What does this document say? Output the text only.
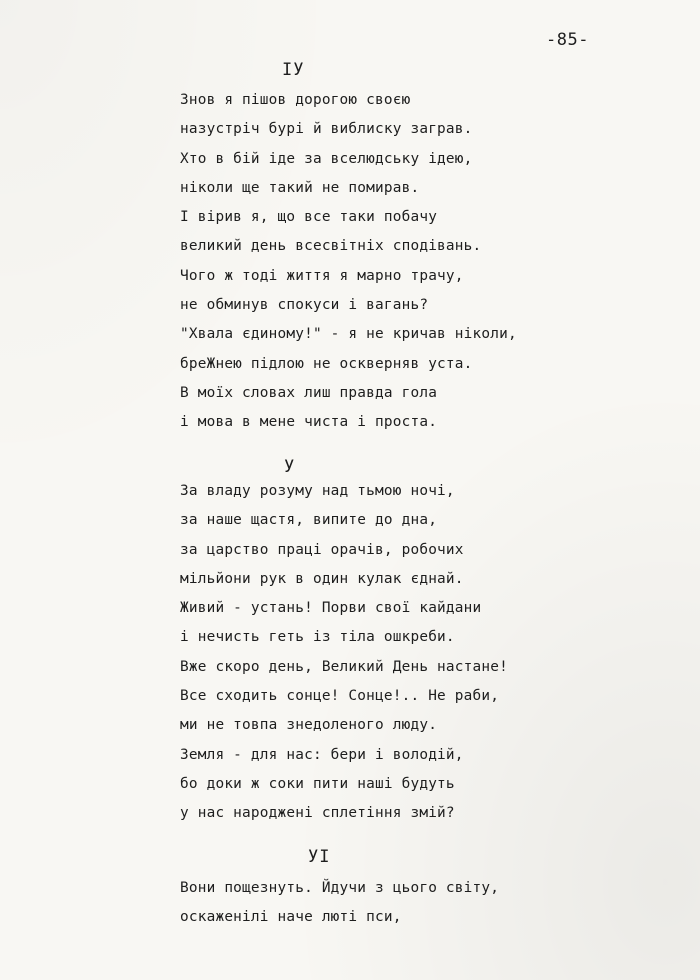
-85-
IУ
Знов я пішов дорогою своєю
назустріч бурі й виблиску заграв.
Хто в бій іде за вселюдську ідею,
ніколи ще такий не помирав.
І вірив я, що все таки побачу
великий день всесвітніх сподівань.
Чого ж тоді життя я марно трачу,
не обминув спокуси і вагань?
"Хвала єдиному!" - я не кричав ніколи,
бреЖнею підлою не оскверняв уста.
В моїх словах лиш правда гола
і мова в мене чиста і проста.
У
За владу розуму над тьмою ночі,
за наше щастя, випите до дна,
за царство праці орачів, робочих
мільйони рук в один кулак єднай.
Живий - устань! Порви свої кайдани
і нечисть геть із тіла ошкреби.
Вже скоро день, Великий День настане!
Все сходить сонце! Сонце!.. Не раби,
ми не товпа знедоленого люду.
Земля - для нас: бери і володій,
бо доки ж соки пити наші будуть
у нас народжені сплетіння змій?
УІ
Вони пощезнуть. Йдучи з цього світу,
оскаженілі наче люті пси,
